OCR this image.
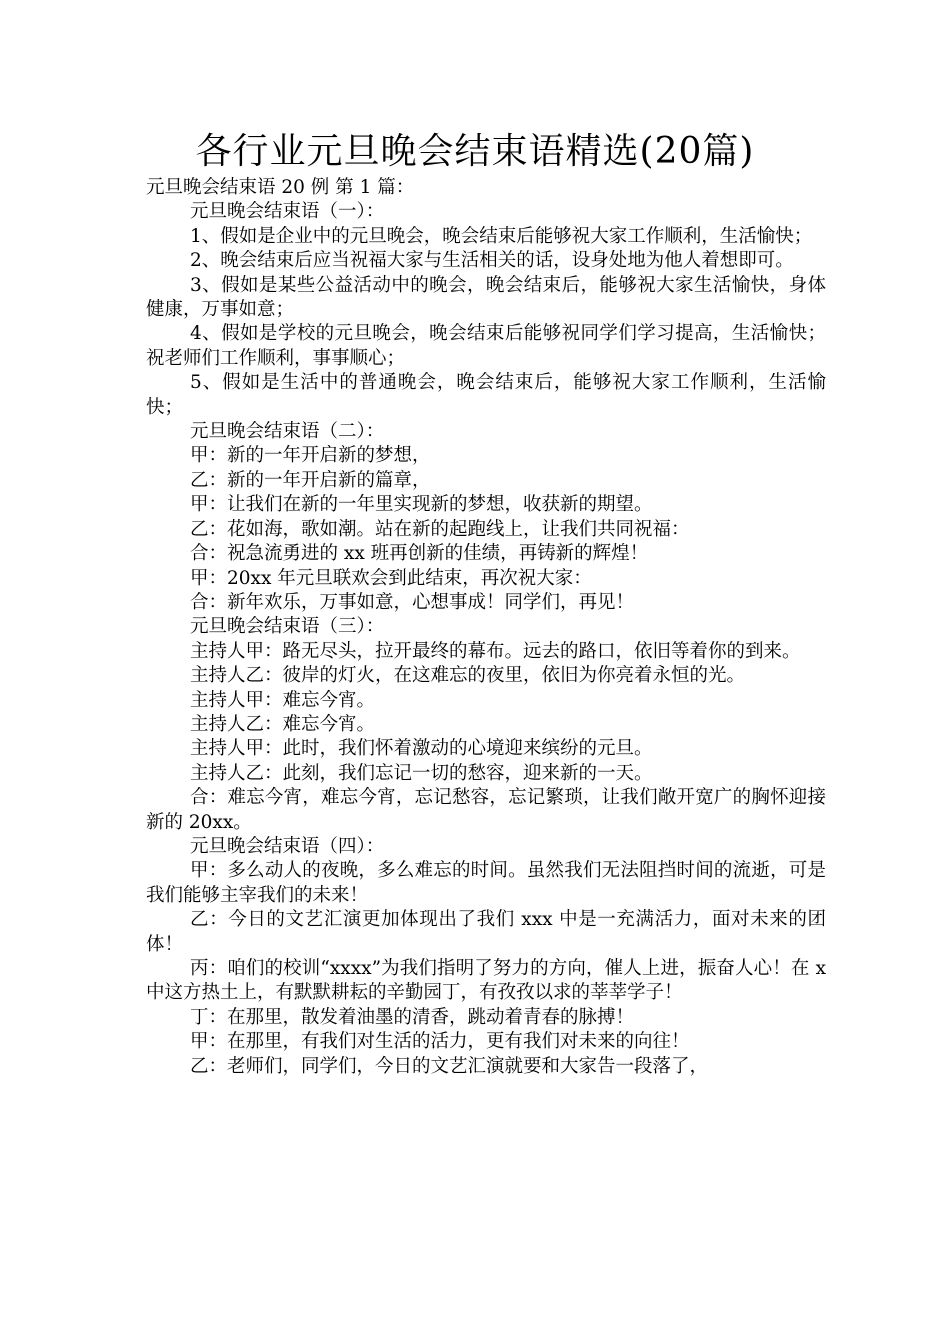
各行业元旦晚会结束语精选(20篇)

元旦晚会结束语 20 例 第 1 篇：

元旦晚会结束语（一）：

1、假如是企业中的元旦晚会，晚会结束后能够祝大家工作顺利，生活愉快；

2、晚会结束后应当祝福大家与生活相关的话，设身处地为他人着想即可。

3、假如是某些公益活动中的晚会，晚会结束后，能够祝大家生活愉快，身体健康，万事如意；

4、假如是学校的元旦晚会，晚会结束后能够祝同学们学习提高，生活愉快；祝老师们工作顺利，事事顺心；

5、假如是生活中的普通晚会，晚会结束后，能够祝大家工作顺利，生活愉快；

元旦晚会结束语（二）：

甲：新的一年开启新的梦想，

乙：新的一年开启新的篇章，

甲：让我们在新的一年里实现新的梦想，收获新的期望。

乙：花如海，歌如潮。站在新的起跑线上，让我们共同祝福：

合：祝急流勇进的 xx 班再创新的佳绩，再铸新的辉煌！

甲：20xx 年元旦联欢会到此结束，再次祝大家：

合：新年欢乐，万事如意，心想事成！同学们，再见！

元旦晚会结束语（三）：

主持人甲：路无尽头，拉开最终的幕布。远去的路口，依旧等着你的到来。

主持人乙：彼岸的灯火，在这难忘的夜里，依旧为你亮着永恒的光。

主持人甲：难忘今宵。

主持人乙：难忘今宵。

主持人甲：此时，我们怀着激动的心境迎来缤纷的元旦。

主持人乙：此刻，我们忘记一切的愁容，迎来新的一天。

合：难忘今宵，难忘今宵，忘记愁容，忘记繁琐，让我们敞开宽广的胸怀迎接新的 20xx。

元旦晚会结束语（四）：

甲：多么动人的夜晚，多么难忘的时间。虽然我们无法阻挡时间的流逝，可是我们能够主宰我们的未来！

乙：今日的文艺汇演更加体现出了我们 xxx 中是一充满活力，面对未来的团体！

丙：咱们的校训“xxxx”为我们指明了努力的方向，催人上进，振奋人心！在 x 中这方热土上，有默默耕耘的辛勤园丁，有孜孜以求的莘莘学子！

丁：在那里，散发着油墨的清香，跳动着青春的脉搏！

甲：在那里，有我们对生活的活力，更有我们对未来的向往！

乙：老师们，同学们，今日的文艺汇演就要和大家告一段落了，
